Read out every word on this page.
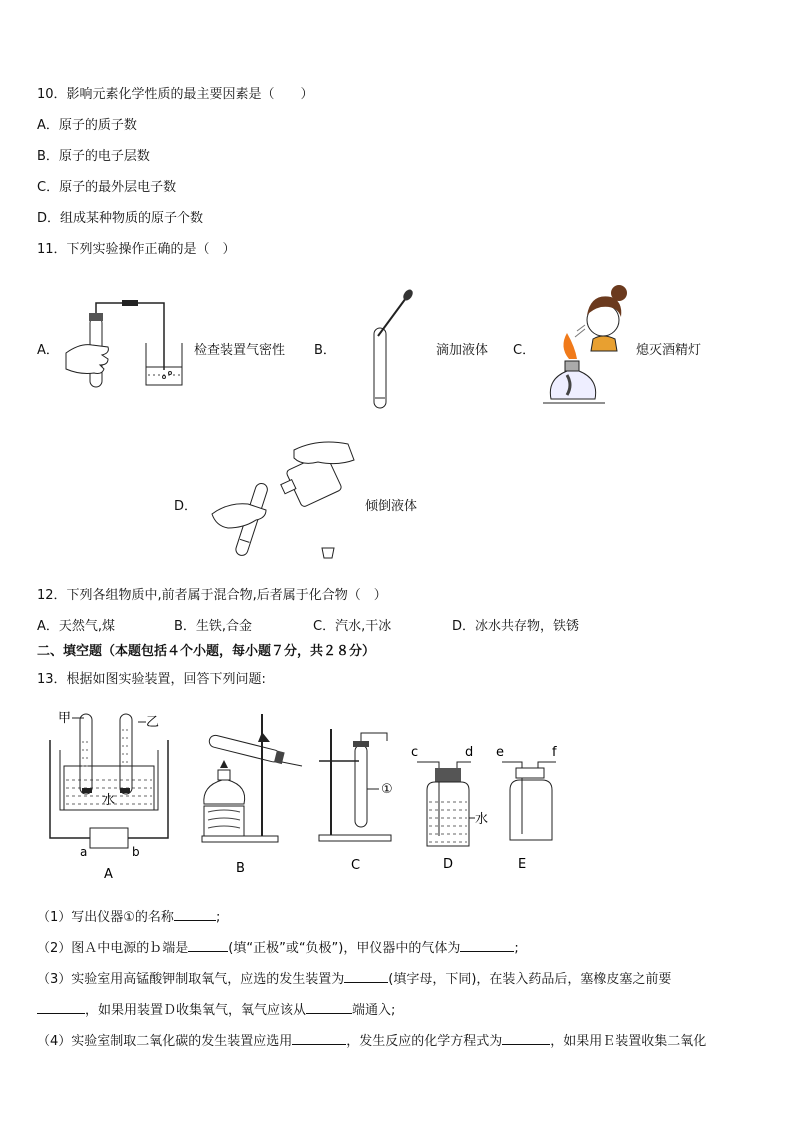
10．影响元素化学性质的最主要因素是（　　）
A．原子的质子数
B．原子的电子层数
C．原子的最外层电子数
D．组成某种物质的原子个数
11．下列实验操作正确的是（　）
A．	检查装置气密性 B．	滴加液体 C．	熄灭酒精灯
D．	倾倒液体
12．下列各组物质中,前者属于混合物,后者属于化合物（　）
A．天然气,煤	B．生铁,合金	C．汽水,干冰	D．冰水共存物，铁锈
二、填空题（本题包括４个小题，每小题７分，共２８分）
13．根据如图实验装置，回答下列问题:
甲	乙
水
a	b
A	B
①
C
c	d
水
D
e	f
E
（1）写出仪器①的名称	;
（2）图Ａ中电源的ｂ端是	(填“正极”或“负极”)，甲仪器中的气体为	;
（3）实验室用高锰酸钾制取氧气，应选的发生装置为	(填字母，下同)，在装入药品后，塞橡皮塞之前要
，如果用装置Ｄ收集氧气，氧气应该从	端通入;
（4）实验室制取二氧化碳的发生装置应选用	，发生反应的化学方程式为	，如果用Ｅ装置收集二氧化
